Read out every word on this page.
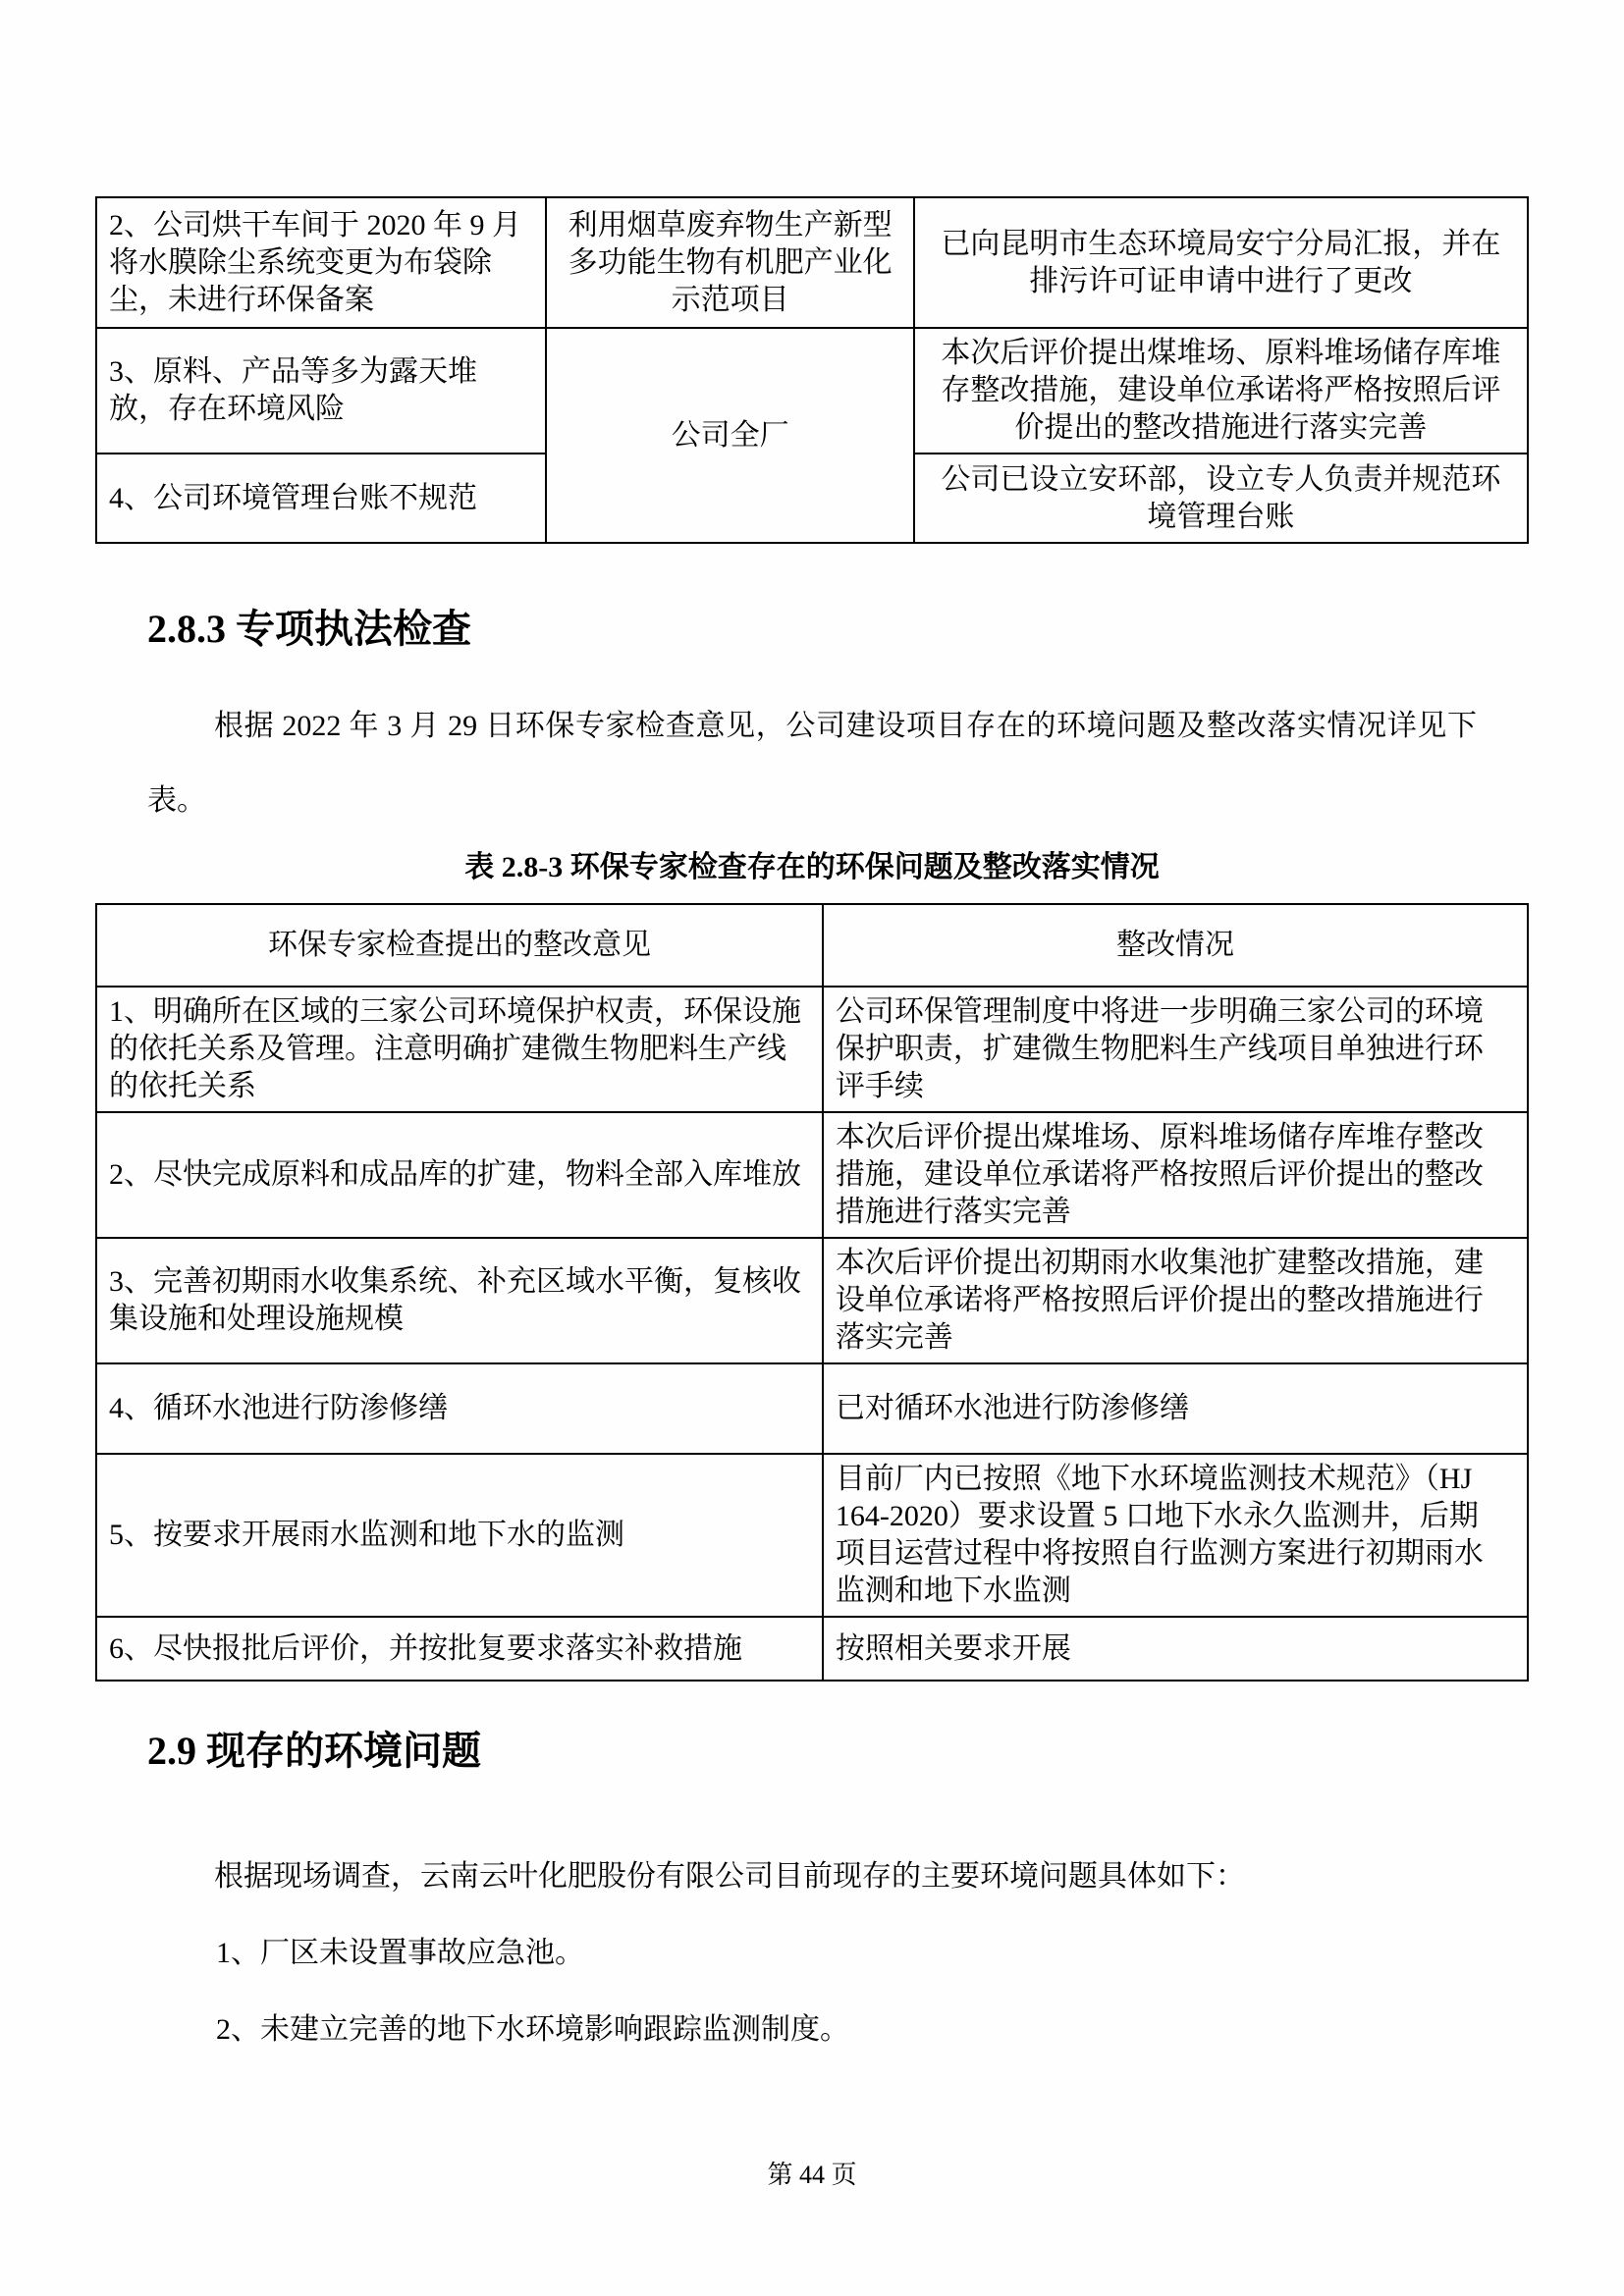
2、公司烘干车间于 2020 年 9 月将水膜除尘系统变更为布袋除尘，未进行环保备案	利用烟草废弃物生产新型多功能生物有机肥产业化示范项目	已向昆明市生态环境局安宁分局汇报，并在排污许可证申请中进行了更改
3、原料、产品等多为露天堆放，存在环境风险	公司全厂	本次后评价提出煤堆场、原料堆场储存库堆存整改措施，建设单位承诺将严格按照后评价提出的整改措施进行落实完善
4、公司环境管理台账不规范		公司已设立安环部，设立专人负责并规范环境管理台账
2.8.3 专项执法检查

根据 2022 年 3 月 29 日环保专家检查意见，公司建设项目存在的环境问题及整改落实情况详见下表。

表 2.8-3 环保专家检查存在的环保问题及整改落实情况
环保专家检查提出的整改意见	整改情况
1、明确所在区域的三家公司环境保护权责，环保设施的依托关系及管理。注意明确扩建微生物肥料生产线的依托关系	公司环保管理制度中将进一步明确三家公司的环境保护职责，扩建微生物肥料生产线项目单独进行环评手续
2、尽快完成原料和成品库的扩建，物料全部入库堆放	本次后评价提出煤堆场、原料堆场储存库堆存整改措施，建设单位承诺将严格按照后评价提出的整改措施进行落实完善
3、完善初期雨水收集系统、补充区域水平衡，复核收集设施和处理设施规模	本次后评价提出初期雨水收集池扩建整改措施，建设单位承诺将严格按照后评价提出的整改措施进行落实完善
4、循环水池进行防渗修缮	已对循环水池进行防渗修缮
5、按要求开展雨水监测和地下水的监测	目前厂内已按照《地下水环境监测技术规范》（HJ 164-2020）要求设置 5 口地下水永久监测井，后期项目运营过程中将按照自行监测方案进行初期雨水监测和地下水监测
6、尽快报批后评价，并按批复要求落实补救措施	按照相关要求开展
2.9 现存的环境问题

根据现场调查，云南云叶化肥股份有限公司目前现存的主要环境问题具体如下：

1、厂区未设置事故应急池。

2、未建立完善的地下水环境影响跟踪监测制度。

第 44 页
